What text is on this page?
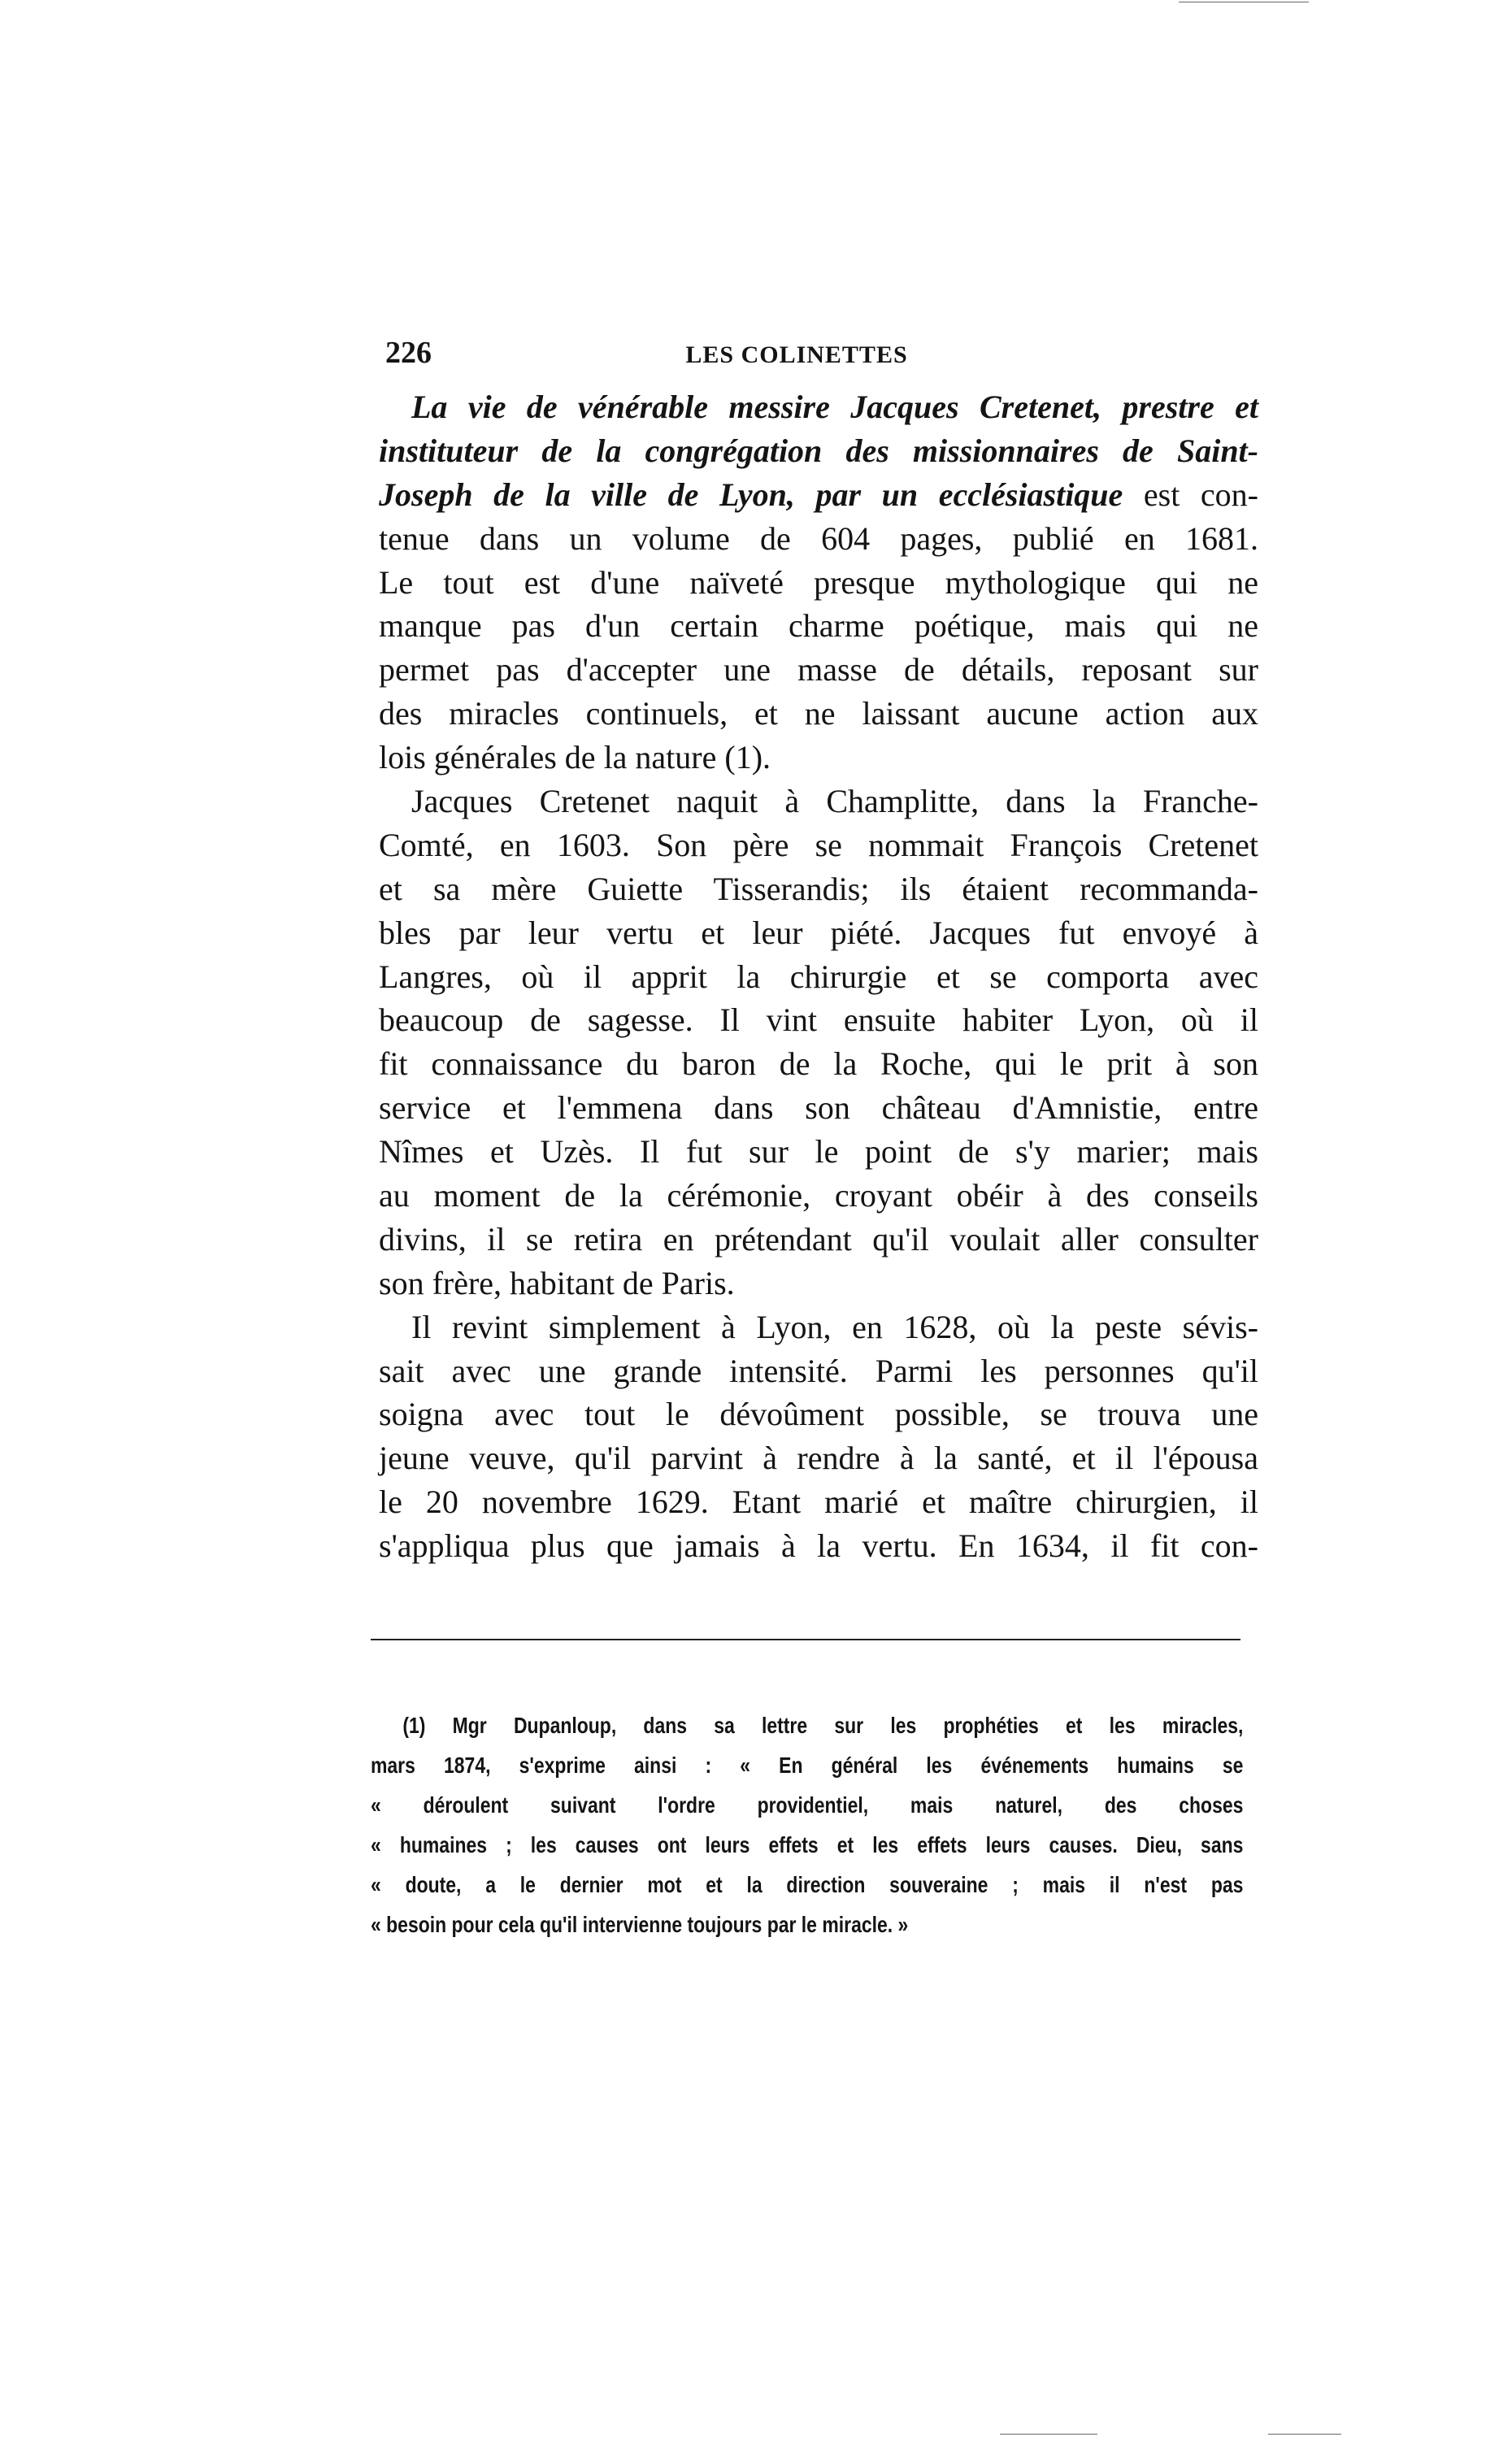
226	LES COLINETTES
La vie de vénérable messire Jacques Cretenet, prestre et
instituteur de la congrégation des missionnaires de Saint-
Joseph de la ville de Lyon, par un ecclésiastique est con-
tenue dans un volume de 604 pages, publié en 1681.
Le tout est d'une naïveté presque mythologique qui ne
manque pas d'un certain charme poétique, mais qui ne
permet pas d'accepter une masse de détails, reposant sur
des miracles continuels, et ne laissant aucune action aux
lois générales de la nature (1).
Jacques Cretenet naquit à Champlitte, dans la Franche-
Comté, en 1603. Son père se nommait François Cretenet
et sa mère Guiette Tisserandis; ils étaient recommanda-
bles par leur vertu et leur piété. Jacques fut envoyé à
Langres, où il apprit la chirurgie et se comporta avec
beaucoup de sagesse. Il vint ensuite habiter Lyon, où il
fit connaissance du baron de la Roche, qui le prit à son
service et l'emmena dans son château d'Amnistie, entre
Nîmes et Uzès. Il fut sur le point de s'y marier; mais
au moment de la cérémonie, croyant obéir à des conseils
divins, il se retira en prétendant qu'il voulait aller consulter
son frère, habitant de Paris.
Il revint simplement à Lyon, en 1628, où la peste sévis-
sait avec une grande intensité. Parmi les personnes qu'il
soigna avec tout le dévoûment possible, se trouva une
jeune veuve, qu'il parvint à rendre à la santé, et il l'épousa
le 20 novembre 1629. Etant marié et maître chirurgien, il
s'appliqua plus que jamais à la vertu. En 1634, il fit con-
(1) Mgr Dupanloup, dans sa lettre sur les prophéties et les miracles,
mars 1874, s'exprime ainsi : « En général les événements humains se
« déroulent suivant l'ordre providentiel, mais naturel, des choses
« humaines ; les causes ont leurs effets et les effets leurs causes. Dieu, sans
« doute, a le dernier mot et la direction souveraine ; mais il n'est pas
« besoin pour cela qu'il intervienne toujours par le miracle. »
